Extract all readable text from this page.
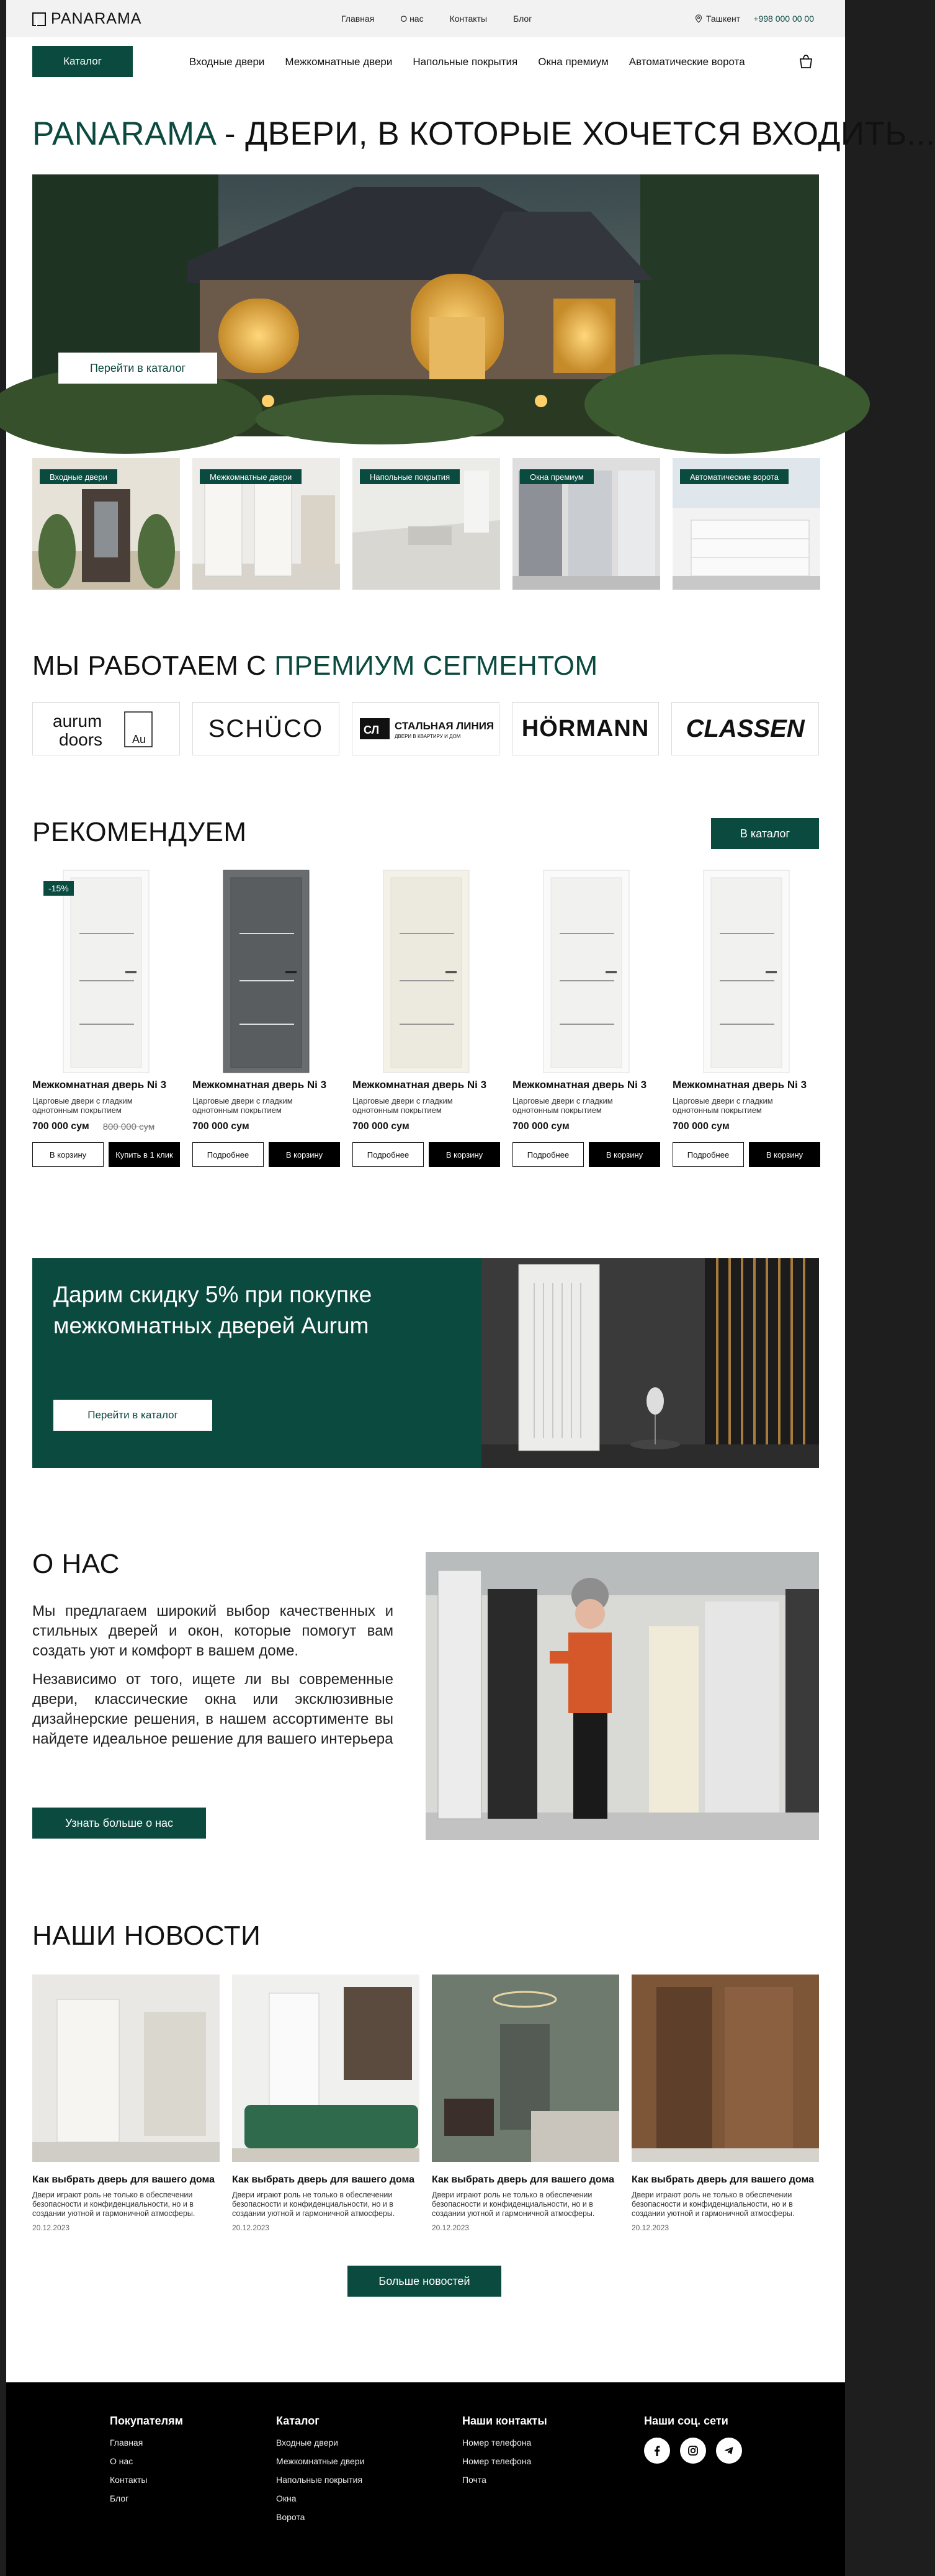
PANARAMA	Главная	О нас	Контакты	Блог	Ташкент +998 000 00 00
Каталог	Входные двери Межкомнатные двери Напольные покрытия Окна премиум Автоматические ворота
PANARAMA - ДВЕРИ, В КОТОРЫЕ ХОЧЕТСЯ ВХОДИТЬ...
Перейти в каталог
Входные двери	Межкомнатные двери	Напольные покрытия	Окна премиум	Автоматические ворота
МЫ РАБОТАЕМ С ПРЕМИУМ СЕГМЕНТОМ
aurum
doors	Au	SCHÜCO	СЛ СТАЛЬНАЯ ЛИНИЯ
ДВЕРИ В КВАРТИРУ И ДОМ	HÖRMANN CLASSEN
РЕКОМЕНДУЕМ	В каталог
-15%
Межкомнатная дверь Ni 3
Царговые двери с гладким однотонным покрытием
700 000 сум 800 000 сум
В корзину	Купить в 1 клик
Межкомнатная дверь Ni 3
Царговые двери с гладким однотонным покрытием
700 000 сум
Подробнее	В корзину
Межкомнатная дверь Ni 3
Царговые двери с гладким однотонным покрытием
700 000 сум
Подробнее	В корзину
Межкомнатная дверь Ni 3
Царговые двери с гладким однотонным покрытием
700 000 сум
Подробнее	В корзину
Межкомнатная дверь Ni 3
Царговые двери с гладким однотонным покрытием
700 000 сум
Подробнее	В корзину
Дарим скидку 5% при покупке
межкомнатных дверей Aurum
Перейти в каталог
О НАС
Мы предлагаем широкий выбор качественных и стильных дверей и окон, которые помогут вам создать уют и комфорт в вашем доме.
Независимо от того, ищете ли вы современные двери, классические окна или эксклюзивные дизайнерские решения, в нашем ассортименте вы найдете идеальное решение для вашего интерьера
Узнать больше о нас
НАШИ НОВОСТИ
Как выбрать дверь для вашего дома
Двери играют роль не только в обеспечении безопасности и конфиденциальности, но и в создании уютной и гармоничной атмосферы.
20.12.2023
Как выбрать дверь для вашего дома
Двери играют роль не только в обеспечении безопасности и конфиденциальности, но и в создании уютной и гармоничной атмосферы.
20.12.2023
Как выбрать дверь для вашего дома
Двери играют роль не только в обеспечении безопасности и конфиденциальности, но и в создании уютной и гармоничной атмосферы.
20.12.2023
Как выбрать дверь для вашего дома
Двери играют роль не только в обеспечении безопасности и конфиденциальности, но и в создании уютной и гармоничной атмосферы.
20.12.2023
Больше новостей
Покупателям
Главная
О нас
Контакты
Блог
Каталог
Входные двери
Межкомнатные двери
Напольные покрытия
Окна
Ворота
Наши контакты
Номер телефона
Номер телефона
Почта
Наши соц. сети
